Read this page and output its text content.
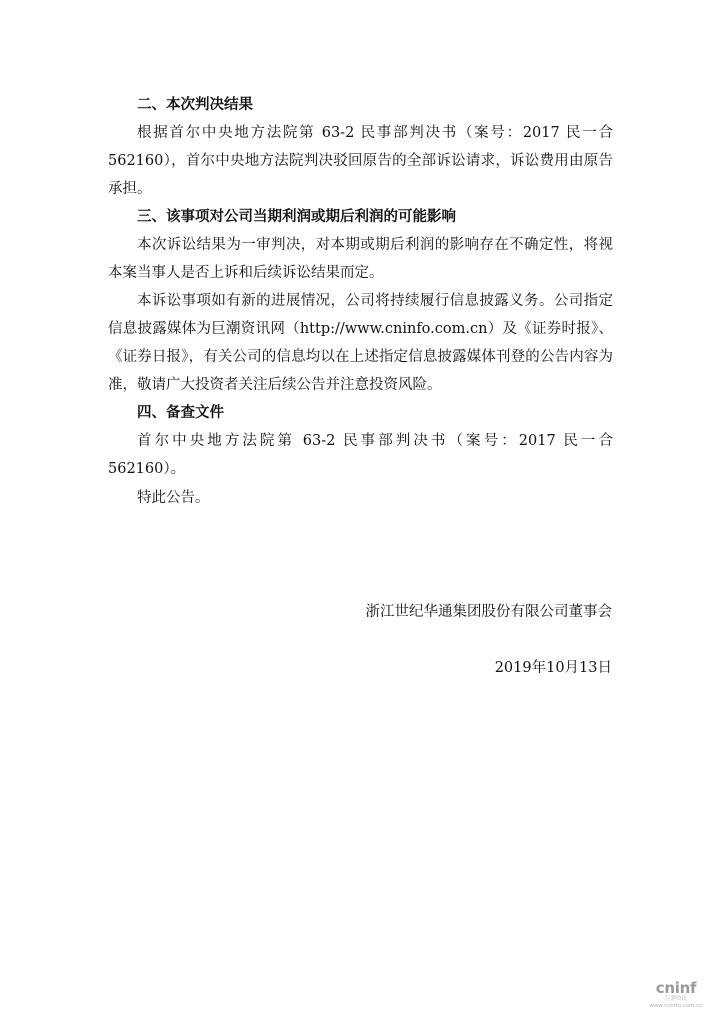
二、本次判决结果

根据首尔中央地方法院第 63-2 民事部判决书（案号：2017 民一合 562160），首尔中央地方法院判决驳回原告的全部诉讼请求，诉讼费用由原告承担。

三、该事项对公司当期利润或期后利润的可能影响

本次诉讼结果为一审判决，对本期或期后利润的影响存在不确定性，将视本案当事人是否上诉和后续诉讼结果而定。

本诉讼事项如有新的进展情况，公司将持续履行信息披露义务。公司指定信息披露媒体为巨潮资讯网（http://www.cninfo.com.cn）及《证券时报》、《证券日报》，有关公司的信息均以在上述指定信息披露媒体刊登的公告内容为准，敬请广大投资者关注后续公告并注意投资风险。

四、备查文件

首尔中央地方法院第 63-2 民事部判决书（案号：2017 民一合 562160）。

特此公告。
浙江世纪华通集团股份有限公司董事会
2019年10月13日
cninf
巨潮资讯
www.cninfo.com.cn
